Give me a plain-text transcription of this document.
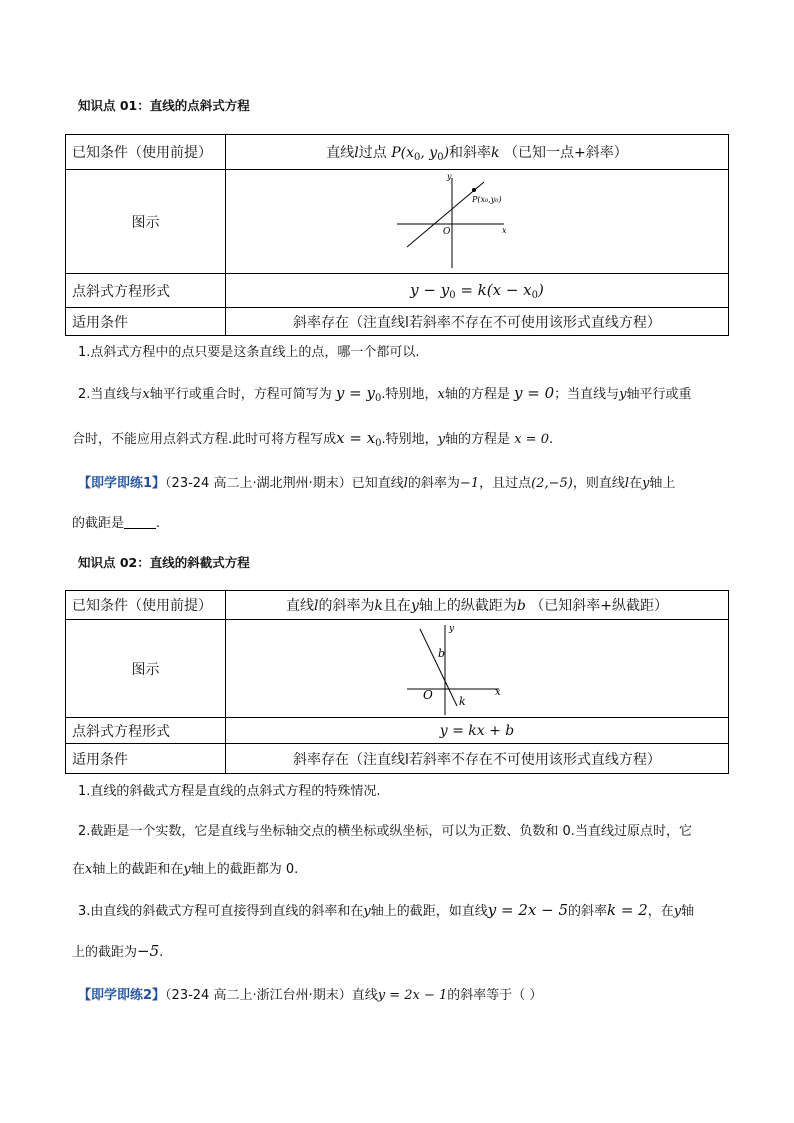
知识点 01：直线的点斜式方程
已知条件（使用前提）	直线l过点 $P(x_0$, $y_0$)和斜率k （已知一点+斜率）
图示	y
x
O
P(x₀,y₀)

点斜式方程形式	$y - y_0 = k(x - x_0)$
适用条件	斜率存在（注直线l若斜率不存在不可使用该形式直线方程）
1.点斜式方程中的点只要是这条直线上的点，哪一个都可以.
2.当直线与x轴平行或重合时，方程可简写为 $y = y_0$.特别地，x轴的方程是 y = 0；当直线与y轴平行或重
合时，不能应用点斜式方程.此时可将方程写成$x = x_0$.特别地，y轴的方程是 x = 0.
【即学即练1】（23-24 高二上·湖北荆州·期末）已知直线l的斜率为−1，且过点(2,−5)，则直线l在y轴上
的截距是 .
知识点 02：直线的斜截式方程
已知条件（使用前提）	直线l的斜率为k且在y轴上的纵截距为b （已知斜率+纵截距）
图示	y
x
O
b
k

点斜式方程形式	y = kx + b
适用条件	斜率存在（注直线l若斜率不存在不可使用该形式直线方程）
1.直线的斜截式方程是直线的点斜式方程的特殊情况.
2.截距是一个实数，它是直线与坐标轴交点的横坐标或纵坐标，可以为正数、负数和 0.当直线过原点时，它
在x轴上的截距和在y轴上的截距都为 0.
3.由直线的斜截式方程可直接得到直线的斜率和在y轴上的截距，如直线y = 2x − 5的斜率k = 2，在y轴
上的截距为−5.
【即学即练2】（23-24 高二上·浙江台州·期末）直线y = 2x − 1的斜率等于（ ）
